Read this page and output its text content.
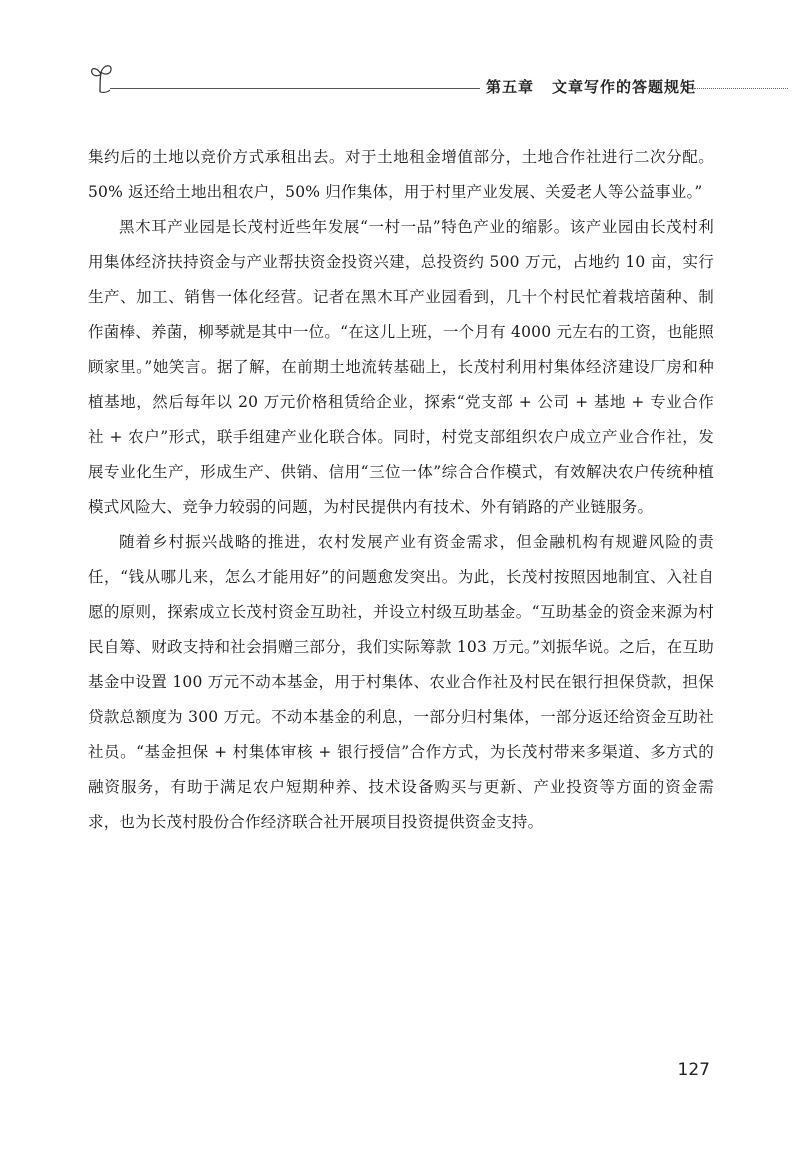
第五章 文章写作的答题规矩

集约后的土地以竞价方式承租出去。对于土地租金增值部分，土地合作社进行二次分配。50% 返还给土地出租农户，50% 归作集体，用于村里产业发展、关爱老人等公益事业。”

黑木耳产业园是长茂村近些年发展“一村一品”特色产业的缩影。该产业园由长茂村利用集体经济扶持资金与产业帮扶资金投资兴建，总投资约 500 万元，占地约 10 亩，实行生产、加工、销售一体化经营。记者在黑木耳产业园看到，几十个村民忙着栽培菌种、制作菌棒、养菌，柳琴就是其中一位。“在这儿上班，一个月有 4000 元左右的工资，也能照顾家里。”她笑言。据了解，在前期土地流转基础上，长茂村利用村集体经济建设厂房和种植基地，然后每年以 20 万元价格租赁给企业，探索“党支部 + 公司 + 基地 + 专业合作社 + 农户”形式，联手组建产业化联合体。同时，村党支部组织农户成立产业合作社，发展专业化生产，形成生产、供销、信用“三位一体”综合合作模式，有效解决农户传统种植模式风险大、竞争力较弱的问题，为村民提供内有技术、外有销路的产业链服务。

随着乡村振兴战略的推进，农村发展产业有资金需求，但金融机构有规避风险的责任，“钱从哪儿来，怎么才能用好”的问题愈发突出。为此，长茂村按照因地制宜、入社自愿的原则，探索成立长茂村资金互助社，并设立村级互助基金。“互助基金的资金来源为村民自筹、财政支持和社会捐赠三部分，我们实际筹款 103 万元。”刘振华说。之后，在互助基金中设置 100 万元不动本基金，用于村集体、农业合作社及村民在银行担保贷款，担保贷款总额度为 300 万元。不动本基金的利息，一部分归村集体，一部分返还给资金互助社社员。“基金担保 + 村集体审核 + 银行授信”合作方式，为长茂村带来多渠道、多方式的融资服务，有助于满足农户短期种养、技术设备购买与更新、产业投资等方面的资金需求，也为长茂村股份合作经济联合社开展项目投资提供资金支持。

127
